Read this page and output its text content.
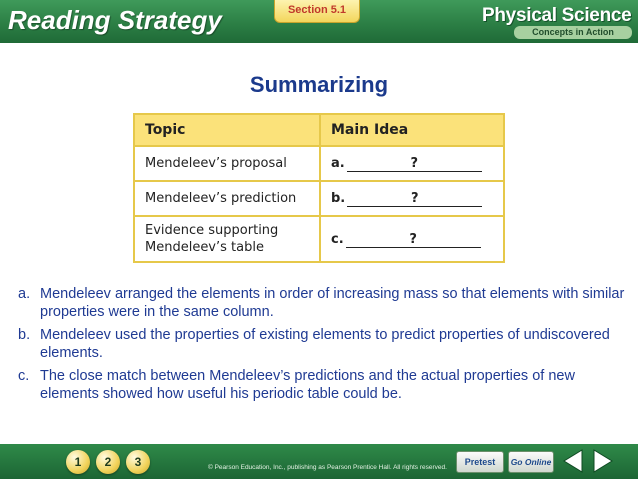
Reading Strategy	Section 5.1	Physical Science
Concepts in Action
Summarizing
Topic	Main Idea
Mendeleev’s proposal	a. ?

Mendeleev’s prediction	b. ?

Evidence supporting
Mendeleev’s table	c. ?
a. Mendeleev arranged the elements in order of increasing mass so that elements with similar properties were in the same column.
b. Mendeleev used the properties of existing elements to predict properties of undiscovered elements.
c. The close match between Mendeleev’s predictions and the actual properties of new elements showed how useful his periodic table could be.
Go to section
1	2	3	© Pearson Education, Inc., publishing as Pearson Prentice Hall. All rights reserved.
Pretest	Go Online
